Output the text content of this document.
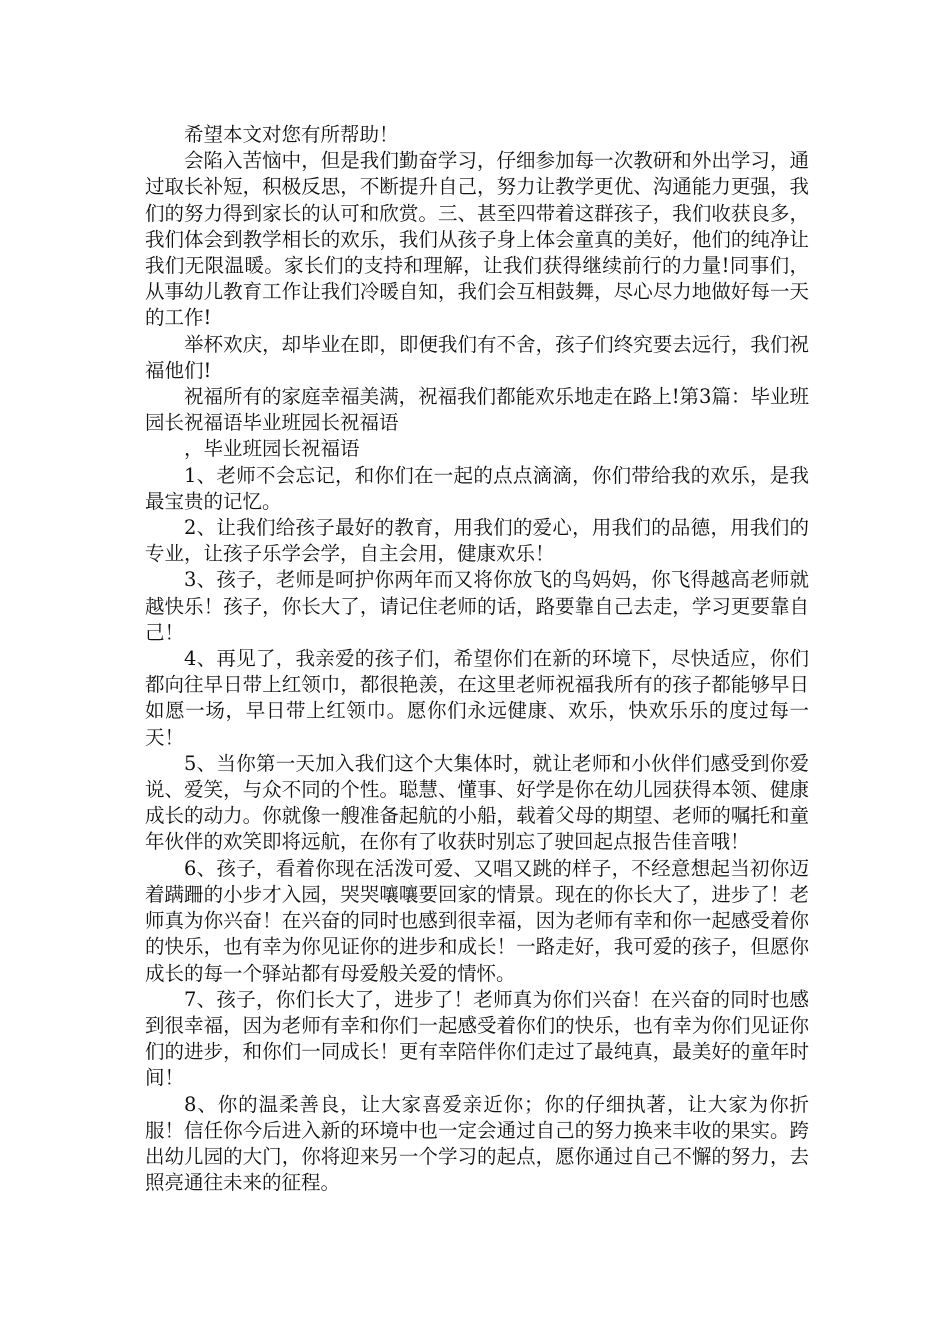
希望本文对您有所帮助！

会陷入苦恼中，但是我们勤奋学习，仔细参加每一次教研和外出学习，通过取长补短，积极反思，不断提升自己，努力让教学更优、沟通能力更强，我们的努力得到家长的认可和欣赏。三、甚至四带着这群孩子，我们收获良多，我们体会到教学相长的欢乐，我们从孩子身上体会童真的美好，他们的纯净让我们无限温暖。家长们的支持和理解，让我们获得继续前行的力量!同事们，从事幼儿教育工作让我们冷暖自知，我们会互相鼓舞，尽心尽力地做好每一天的工作!

举杯欢庆，却毕业在即，即便我们有不舍，孩子们终究要去远行，我们祝福他们!

祝福所有的家庭幸福美满，祝福我们都能欢乐地走在路上!第3篇：毕业班园长祝福语毕业班园长祝福语

，毕业班园长祝福语

1、老师不会忘记，和你们在一起的点点滴滴，你们带给我的欢乐，是我最宝贵的记忆。

2、让我们给孩子最好的教育，用我们的爱心，用我们的品德，用我们的专业，让孩子乐学会学，自主会用，健康欢乐！

3、孩子，老师是呵护你两年而又将你放飞的鸟妈妈，你飞得越高老师就越快乐！孩子，你长大了，请记住老师的话，路要靠自己去走，学习更要靠自己！

4、再见了，我亲爱的孩子们，希望你们在新的环境下，尽快适应，你们都向往早日带上红领巾，都很艳羡，在这里老师祝福我所有的孩子都能够早日如愿一场，早日带上红领巾。愿你们永远健康、欢乐，快欢乐乐的度过每一天！

5、当你第一天加入我们这个大集体时，就让老师和小伙伴们感受到你爱说、爱笑，与众不同的个性。聪慧、懂事、好学是你在幼儿园获得本领、健康成长的动力。你就像一艘准备起航的小船，载着父母的期望、老师的嘱托和童年伙伴的欢笑即将远航，在你有了收获时别忘了驶回起点报告佳音哦！

6、孩子，看着你现在活泼可爱、又唱又跳的样子，不经意想起当初你迈着蹒跚的小步才入园，哭哭嚷嚷要回家的情景。现在的你长大了，进步了！老师真为你兴奋！在兴奋的同时也感到很幸福，因为老师有幸和你一起感受着你的快乐，也有幸为你见证你的进步和成长！一路走好，我可爱的孩子，但愿你成长的每一个驿站都有母爱般关爱的情怀。

7、孩子，你们长大了，进步了！老师真为你们兴奋！在兴奋的同时也感到很幸福，因为老师有幸和你们一起感受着你们的快乐，也有幸为你们见证你们的进步，和你们一同成长！更有幸陪伴你们走过了最纯真，最美好的童年时间！

8、你的温柔善良，让大家喜爱亲近你；你的仔细执著，让大家为你折服！信任你今后进入新的环境中也一定会通过自己的努力换来丰收的果实。跨出幼儿园的大门，你将迎来另一个学习的起点，愿你通过自己不懈的努力，去照亮通往未来的征程。
